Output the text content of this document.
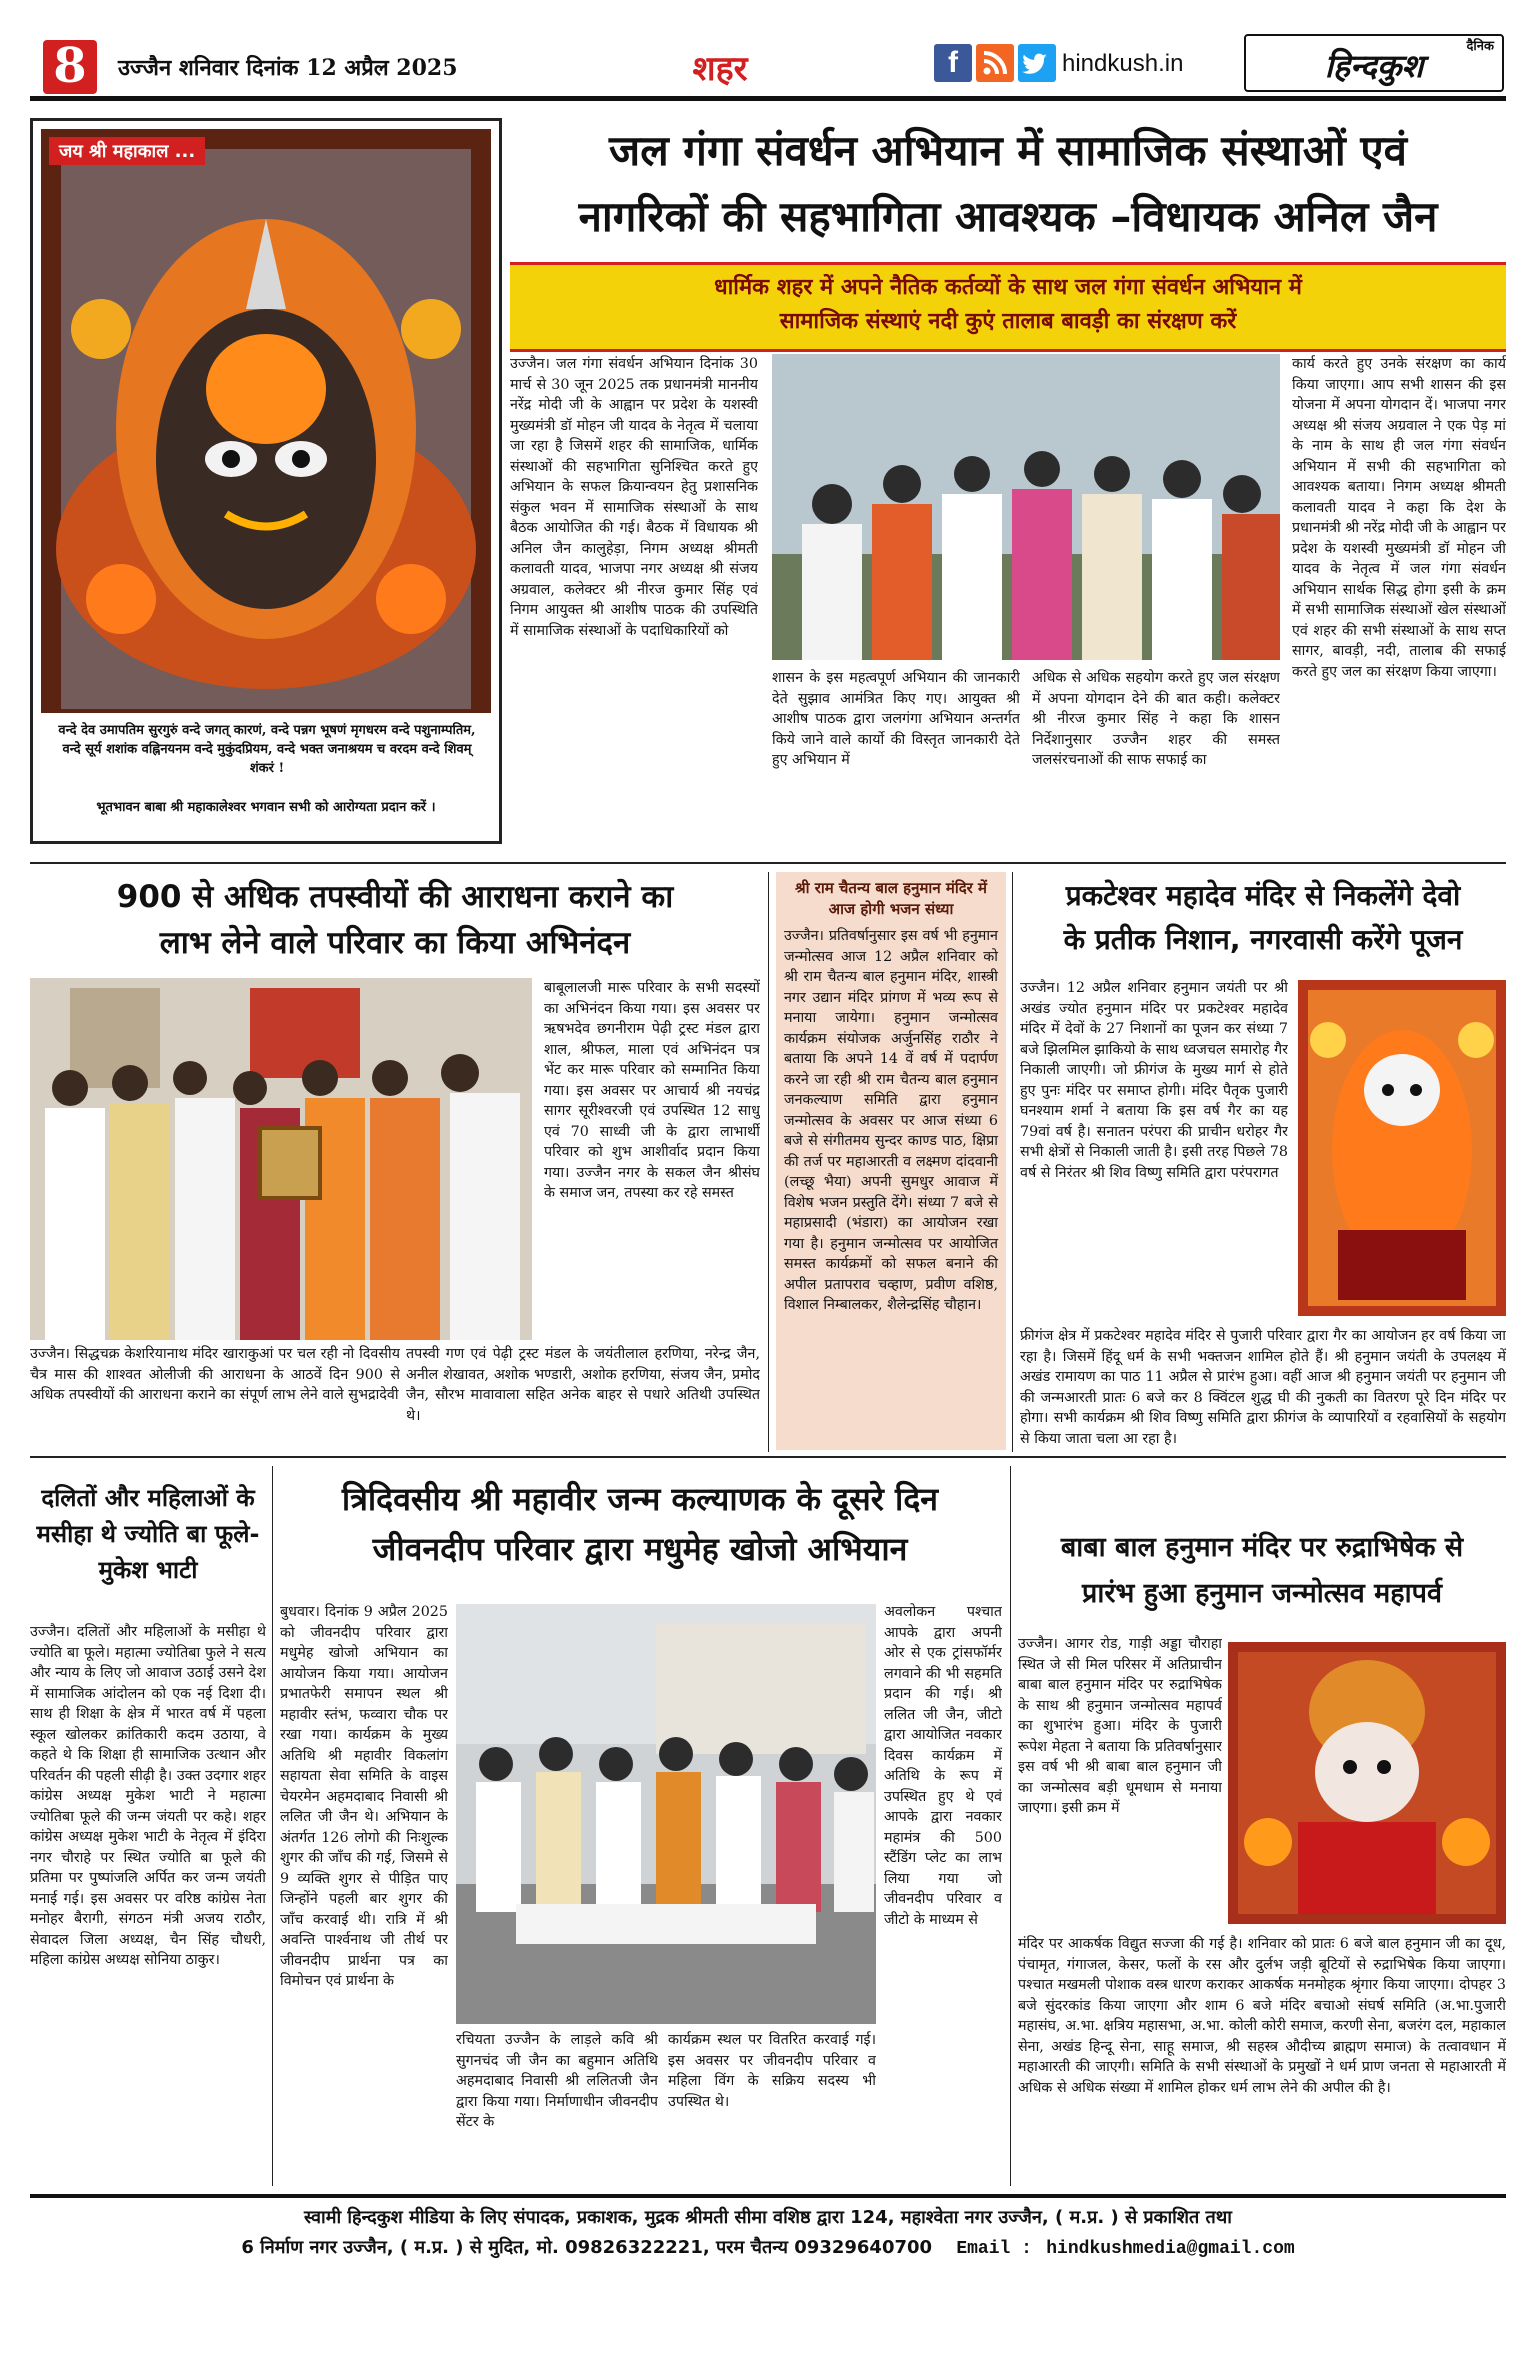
8	उज्जैन शनिवार दिनांक 12 अप्रैल 2025	शहर	f	hindkush.in
दैनिक
हिन्दकुश
जय श्री महाकाल ...
वन्दे देव उमापतिम सुरगुरुं वन्दे जगत् कारणं, वन्दे पन्नग भूषणं मृगधरम वन्दे पशुनाम्पतिम, वन्दे सूर्य शशांक वह्निनयनम वन्दे मुकुंदप्रियम, वन्दे भक्त जनाश्रयम च वरदम वन्दे शिवम् शंकरं !
भूतभावन बाबा श्री महाकालेश्वर भगवान सभी को आरोग्यता प्रदान करें ।
जल गंगा संवर्धन अभियान में सामाजिक संस्थाओं एवं
नागरिकों की सहभागिता आवश्यक –विधायक अनिल जैन
धार्मिक शहर में अपने नैतिक कर्तव्यों के साथ जल गंगा संवर्धन अभियान में
सामाजिक संस्थाएं नदी कुएं तालाब बावड़ी का संरक्षण करें

उज्जैन। जल गंगा संवर्धन अभियान दिनांक 30 मार्च से 30 जून 2025 तक प्रधानमंत्री माननीय नरेंद्र मोदी जी के आह्वान पर प्रदेश के यशस्वी मुख्यमंत्री डॉ मोहन जी यादव के नेतृत्व में चलाया जा रहा है जिसमें शहर की सामाजिक, धार्मिक संस्थाओं की सहभागिता सुनिश्चित करते हुए अभियान के सफल क्रियान्वयन हेतु प्रशासनिक संकुल भवन में सामाजिक संस्थाओं के साथ बैठक आयोजित की गई। बैठक में विधायक श्री अनिल जैन कालुहेड़ा, निगम अध्यक्ष श्रीमती कलावती यादव, भाजपा नगर अध्यक्ष श्री संजय अग्रवाल, कलेक्टर श्री नीरज कुमार सिंह एवं निगम आयुक्त श्री आशीष पाठक की उपस्थिति में सामाजिक संस्थाओं के पदाधिकारियों को

शासन के इस महत्वपूर्ण अभियान की जानकारी देते सुझाव आमंत्रित किए गए। आयुक्त श्री आशीष पाठक द्वारा जलगंगा अभियान अन्तर्गत किये जाने वाले कार्यो की विस्तृत जानकारी देते हुए अभियान में

अधिक से अधिक सहयोग करते हुए जल संरक्षण में अपना योगदान देने की बात कही। कलेक्टर श्री नीरज कुमार सिंह ने कहा कि शासन निर्देशानुसार उज्जैन शहर की समस्त जलसंरचनाओं की साफ सफाई का

कार्य करते हुए उनके संरक्षण का कार्य किया जाएगा। आप सभी शासन की इस योजना में अपना योगदान दें। भाजपा नगर अध्यक्ष श्री संजय अग्रवाल ने एक पेड़ मां के नाम के साथ ही जल गंगा संवर्धन अभियान में सभी की सहभागिता को आवश्यक बताया। निगम अध्यक्ष श्रीमती कलावती यादव ने कहा कि देश के प्रधानमंत्री श्री नरेंद्र मोदी जी के आह्वान पर प्रदेश के यशस्वी मुख्यमंत्री डॉ मोहन जी यादव के नेतृत्व में जल गंगा संवर्धन अभियान सार्थक सिद्ध होगा इसी के क्रम में सभी सामाजिक संस्थाओं खेल संस्थाओं एवं शहर की सभी संस्थाओं के साथ सप्त सागर, बावड़ी, नदी, तालाब की सफाई करते हुए जल का संरक्षण किया जाएगा।

900 से अधिक तपस्वीयों की आराधना कराने का
लाभ लेने वाले परिवार का किया अभिनंदन

बाबूलालजी मारू परिवार के सभी सदस्यों का अभिनंदन किया गया। इस अवसर पर ऋषभदेव छगनीराम पेढ़ी ट्रस्ट मंडल द्वारा शाल, श्रीफल, माला एवं अभिनंदन पत्र भेंट कर मारू परिवार को सम्मानित किया गया। इस अवसर पर आचार्य श्री नयचंद्र सागर सूरीश्वरजी एवं उपस्थित 12 साधु एवं 70 साध्वी जी के द्वारा लाभार्थी परिवार को शुभ आशीर्वाद प्रदान किया गया। उज्जैन नगर के सकल जैन श्रीसंघ के समाज जन, तपस्या कर रहे समस्त

उज्जैन। सिद्धचक्र केशरियानाथ मंदिर खाराकुआं पर चल रही नो दिवसीय चैत्र मास की शाश्वत ओलीजी की आराधना के आठवें दिन 900 से अधिक तपस्वीयों की आराधना कराने का संपूर्ण लाभ लेने वाले सुभद्रादेवी

तपस्वी गण एवं पेढ़ी ट्रस्ट मंडल के जयंतीलाल हरणिया, नरेन्द्र जैन, अनील शेखावत, अशोक भण्डारी, अशोक हरणिया, संजय जैन, प्रमोद जैन, सौरभ मावावाला सहित अनेक बाहर से पधारे अतिथी उपस्थित थे।

श्री राम चैतन्य बाल हनुमान मंदिर में आज होगी भजन संध्या

उज्जैन। प्रतिवर्षानुसार इस वर्ष भी हनुमान जन्मोत्सव आज 12 अप्रैल शनिवार को श्री राम चैतन्य बाल हनुमान मंदिर, शास्त्री नगर उद्यान मंदिर प्रांगण में भव्य रूप से मनाया जायेगा। हनुमान जन्मोत्सव कार्यक्रम संयोजक अर्जुनसिंह राठौर ने बताया कि अपने 14 वें वर्ष में पदार्पण करने जा रही श्री राम चैतन्य बाल हनुमान जनकल्याण समिति द्वारा हनुमान जन्मोत्सव के अवसर पर आज संध्या 6 बजे से संगीतमय सुन्दर काण्ड पाठ, क्षिप्रा की तर्ज पर महाआरती व लक्ष्मण दांदवानी (लच्छू भैया) अपनी सुमधुर आवाज में विशेष भजन प्रस्तुति देंगे। संध्या 7 बजे से महाप्रसादी (भंडारा) का आयोजन रखा गया है। हनुमान जन्मोत्सव पर आयोजित समस्त कार्यक्रमों को सफल बनाने की अपील प्रतापराव चव्हाण, प्रवीण वशिष्ठ, विशाल निम्बालकर, शैलेन्द्रसिंह चौहान।

प्रकटेश्वर महादेव मंदिर से निकलेंगे देवो
के प्रतीक निशान, नगरवासी करेंगे पूजन

उज्जैन। 12 अप्रैल शनिवार हनुमान जयंती पर श्री अखंड ज्योत हनुमान मंदिर पर प्रकटेश्वर महादेव मंदिर में देवों के 27 निशानों का पूजन कर संध्या 7 बजे झिलमिल झाकियो के साथ ध्वजचल समारोह गैर निकाली जाएगी। जो फ्रीगंज के मुख्य मार्ग से होते हुए पुनः मंदिर पर समाप्त होगी। मंदिर पैतृक पुजारी घनश्याम शर्मा ने बताया कि इस वर्ष गैर का यह 79वां वर्ष है। सनातन परंपरा की प्राचीन धरोहर गैर सभी क्षेत्रों से निकाली जाती है। इसी तरह पिछले 78 वर्ष से निरंतर श्री शिव विष्णु समिति द्वारा परंपरागत

फ्रीगंज क्षेत्र में प्रकटेश्वर महादेव मंदिर से पुजारी परिवार द्वारा गैर का आयोजन हर वर्ष किया जा रहा है। जिसमें हिंदू धर्म के सभी भक्तजन शामिल होते हैं। श्री हनुमान जयंती के उपलक्ष्य में अखंड रामायण का पाठ 11 अप्रैल से प्रारंभ हुआ। वहीं आज श्री हनुमान जयंती पर हनुमान जी की जन्मआरती प्रातः 6 बजे कर 8 क्विंटल शुद्ध घी की नुकती का वितरण पूरे दिन मंदिर पर होगा। सभी कार्यक्रम श्री शिव विष्णु समिति द्वारा फ्रीगंज के व्यापारियों व रहवासियों के सहयोग से किया जाता चला आ रहा है।

दलितों और महिलाओं के मसीहा थे ज्योति बा फूले- मुकेश भाटी

उज्जैन। दलितों और महिलाओं के मसीहा थे ज्योति बा फूले। महात्मा ज्योतिबा फुले ने सत्य और न्याय के लिए जो आवाज उठाई उसने देश में सामाजिक आंदोलन को एक नई दिशा दी। साथ ही शिक्षा के क्षेत्र में भारत वर्ष में पहला स्कूल खोलकर क्रांतिकारी कदम उठाया, वे कहते थे कि शिक्षा ही सामाजिक उत्थान और परिवर्तन की पहली सीढ़ी है। उक्त उदगार शहर कांग्रेस अध्यक्ष मुकेश भाटी ने महात्मा ज्योतिबा फूले की जन्म जंयती पर कहे। शहर कांग्रेस अध्यक्ष मुकेश भाटी के नेतृत्व में इंदिरा नगर चौराहे पर स्थित ज्योति बा फूले की प्रतिमा पर पुष्पांजलि अर्पित कर जन्म जयंती मनाई गई। इस अवसर पर वरिष्ठ कांग्रेस नेता मनोहर बैरागी, संगठन मंत्री अजय राठौर, सेवादल जिला अध्यक्ष, चैन सिंह चौधरी, महिला कांग्रेस अध्यक्ष सोनिया ठाकुर।

त्रिदिवसीय श्री महावीर जन्म कल्याणक के दूसरे दिन
जीवनदीप परिवार द्वारा मधुमेह खोजो अभियान

बुधवार। दिनांक 9 अप्रैल 2025 को जीवनदीप परिवार द्वारा मधुमेह खोजो अभियान का आयोजन किया गया। आयोजन प्रभातफेरी समापन स्थल श्री महावीर स्तंभ, फव्वारा चौक पर रखा गया। कार्यक्रम के मुख्य अतिथि श्री महावीर विकलांग सहायता सेवा समिति के वाइस चेयरमेन अहमदाबाद निवासी श्री ललित जी जैन थे। अभियान के अंतर्गत 126 लोगो की निःशुल्क शुगर की जाँच की गई, जिसमे से 9 व्यक्ति शुगर से पीड़ित पाए जिन्होंने पहली बार शुगर की जाँच करवाई थी। रात्रि में श्री अवन्ति पार्श्वनाथ जी तीर्थ पर जीवनदीप प्रार्थना पत्र का विमोचन एवं प्रार्थना के

रचियता उज्जैन के लाड़ले कवि श्री सुगनचंद जी जैन का बहुमान अतिथि अहमदाबाद निवासी श्री ललितजी जैन द्वारा किया गया। निर्माणाधीन जीवनदीप सेंटर के

कार्यक्रम स्थल पर वितरित करवाई गई। इस अवसर पर जीवनदीप परिवार व महिला विंग के सक्रिय सदस्य भी उपस्थित थे।

अवलोकन पश्चात आपके द्वारा अपनी ओर से एक ट्रांसफॉर्मर लगवाने की भी सहमति प्रदान की गई। श्री ललित जी जैन, जीटो द्वारा आयोजित नवकार दिवस कार्यक्रम में अतिथि के रूप में उपस्थित हुए थे एवं आपके द्वारा नवकार महामंत्र की 500 स्टैंडिंग प्लेट का लाभ लिया गया जो जीवनदीप परिवार व जीटो के माध्यम से

बाबा बाल हनुमान मंदिर पर रुद्राभिषेक से
प्रारंभ हुआ हनुमान जन्मोत्सव महापर्व

उज्जैन। आगर रोड, गाड़ी अड्डा चौराहा स्थित जे सी मिल परिसर में अतिप्राचीन बाबा बाल हनुमान मंदिर पर रुद्राभिषेक के साथ श्री हनुमान जन्मोत्सव महापर्व का शुभारंभ हुआ। मंदिर के पुजारी रूपेश मेहता ने बताया कि प्रतिवर्षानुसार इस वर्ष भी श्री बाबा बाल हनुमान जी का जन्मोत्सव बड़ी धूमधाम से मनाया जाएगा। इसी क्रम में

मंदिर पर आकर्षक विद्युत सज्जा की गई है। शनिवार को प्रातः 6 बजे बाल हनुमान जी का दूध, पंचामृत, गंगाजल, केसर, फलों के रस और दुर्लभ जड़ी बूटियों से रुद्राभिषेक किया जाएगा। पश्चात मखमली पोशाक वस्त्र धारण कराकर आकर्षक मनमोहक श्रृंगार किया जाएगा। दोपहर 3 बजे सुंदरकांड किया जाएगा और शाम 6 बजे मंदिर बचाओ संघर्ष समिति (अ.भा.पुजारी महासंघ, अ.भा. क्षत्रिय महासभा, अ.भा. कोली कोरी समाज, करणी सेना, बजरंग दल, महाकाल सेना, अखंड हिन्दू सेना, साहू समाज, श्री सहस्त्र औदीच्य ब्राह्मण समाज) के तत्वावधान में महाआरती की जाएगी। समिति के सभी संस्थाओं के प्रमुखों ने धर्म प्राण जनता से महाआरती में अधिक से अधिक संख्या में शामिल होकर धर्म लाभ लेने की अपील की है।

स्वामी हिन्दकुश मीडिया के लिए संपादक, प्रकाशक, मुद्रक श्रीमती सीमा वशिष्ठ द्वारा 124, महाश्वेता नगर उज्जैन, ( म.प्र. ) से प्रकाशित तथा
6 निर्माण नगर उज्जैन, ( म.प्र. ) से मुदित, मो. 09826322221, परम चैतन्य 09329640700 Email : hindkushmedia@gmail.com
